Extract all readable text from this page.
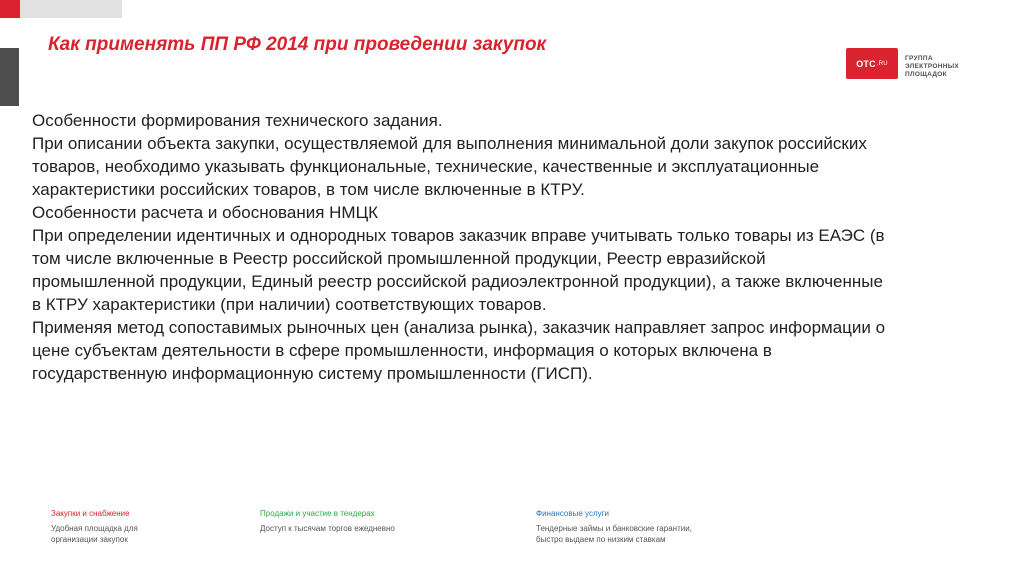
Как применять ПП РФ 2014 при проведении закупок
ОТС .RU
ГРУППА
ЭЛЕКТРОННЫХ
ПЛОЩАДОК

Особенности формирования технического задания.

При описании объекта закупки, осуществляемой для выполнения минимальной доли закупок российских

товаров, необходимо указывать функциональные, технические, качественные и эксплуатационные

характеристики российских товаров, в том числе включенные в КТРУ.

Особенности расчета и обоснования НМЦК

При определении идентичных и однородных товаров заказчик вправе учитывать только товары из ЕАЭС (в

том числе включенные в Реестр российской промышленной продукции, Реестр евразийской

промышленной продукции, Единый реестр российской радиоэлектронной продукции), а также включенные

в КТРУ характеристики (при наличии) соответствующих товаров.

Применяя метод сопоставимых рыночных цен (анализа рынка), заказчик направляет запрос информации о

цене субъектам деятельности в сфере промышленности, информация о которых включена в

государственную информационную систему промышленности (ГИСП).

Закупки и снабжение
Удобная площадка для
организации закупок
Продажи и участие в тендерах
Доступ к тысячам торгов ежедневно
Финансовые услуги
Тендерные займы и банковские гарантии,
быстро выдаем по низким ставкам
